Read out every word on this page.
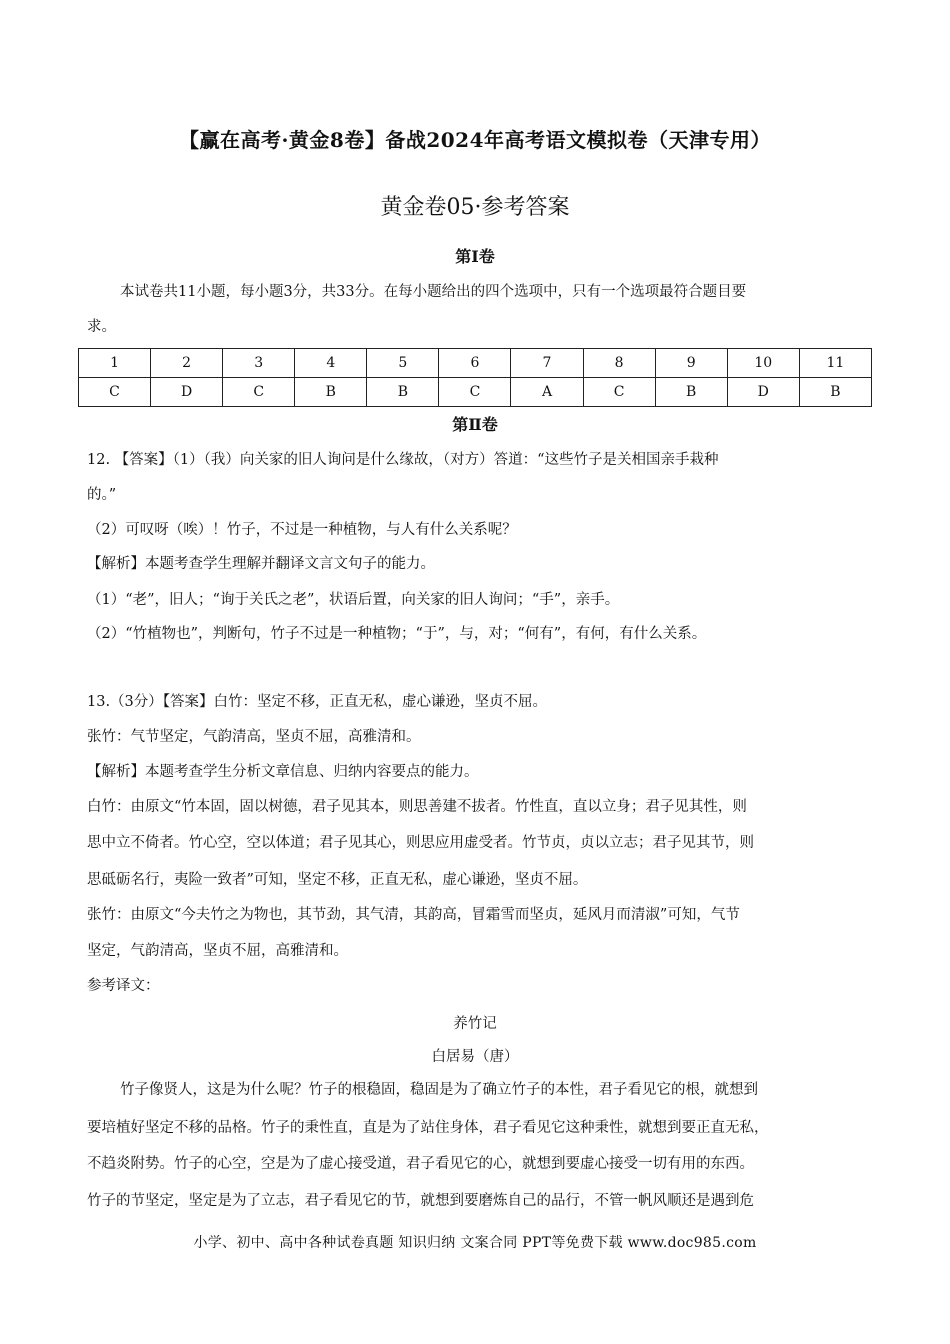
【赢在高考·黄金8卷】备战2024年高考语文模拟卷（天津专用）
黄金卷05·参考答案
第Ⅰ卷
本试卷共11小题，每小题3分，共33分。在每小题给出的四个选项中，只有一个选项最符合题目要
求。
1	2	3	4	5	6	7	8	9	10	11
C	D	C	B	B	C	A	C	B	D	B
第Ⅱ卷
12. 【答案】（1）（我）向关家的旧人询问是什么缘故，（对方）答道：“这些竹子是关相国亲手栽种
的。”
（2）可叹呀（唉）！竹子，不过是一种植物，与人有什么关系呢？
【解析】本题考查学生理解并翻译文言文句子的能力。
（1）“老”，旧人；“询于关氏之老”，状语后置，向关家的旧人询问；“手”，亲手。
（2）“竹植物也”，判断句，竹子不过是一种植物；“于”，与，对；“何有”，有何，有什么关系。
13.（3分）【答案】白竹：坚定不移，正直无私，虚心谦逊，坚贞不屈。
张竹：气节坚定，气韵清高，坚贞不屈，高雅清和。
【解析】本题考查学生分析文章信息、归纳内容要点的能力。
白竹：由原文“竹本固，固以树德，君子见其本，则思善建不拔者。竹性直，直以立身；君子见其性，则
思中立不倚者。竹心空，空以体道；君子见其心，则思应用虚受者。竹节贞，贞以立志；君子见其节，则
思砥砺名行，夷险一致者”可知，坚定不移，正直无私，虚心谦逊，坚贞不屈。
张竹：由原文“今夫竹之为物也，其节劲，其气清，其韵高，冒霜雪而坚贞，延风月而清淑”可知，气节
坚定，气韵清高，坚贞不屈，高雅清和。
参考译文：
养竹记
白居易（唐）
竹子像贤人，这是为什么呢？竹子的根稳固，稳固是为了确立竹子的本性，君子看见它的根，就想到
要培植好坚定不移的品格。竹子的秉性直，直是为了站住身体，君子看见它这种秉性，就想到要正直无私，
不趋炎附势。竹子的心空，空是为了虚心接受道，君子看见它的心，就想到要虚心接受一切有用的东西。
竹子的节坚定，坚定是为了立志，君子看见它的节，就想到要磨炼自己的品行，不管一帆风顺还是遇到危
小学、初中、高中各种试卷真题 知识归纳 文案合同 PPT等免费下载 www.doc985.com
